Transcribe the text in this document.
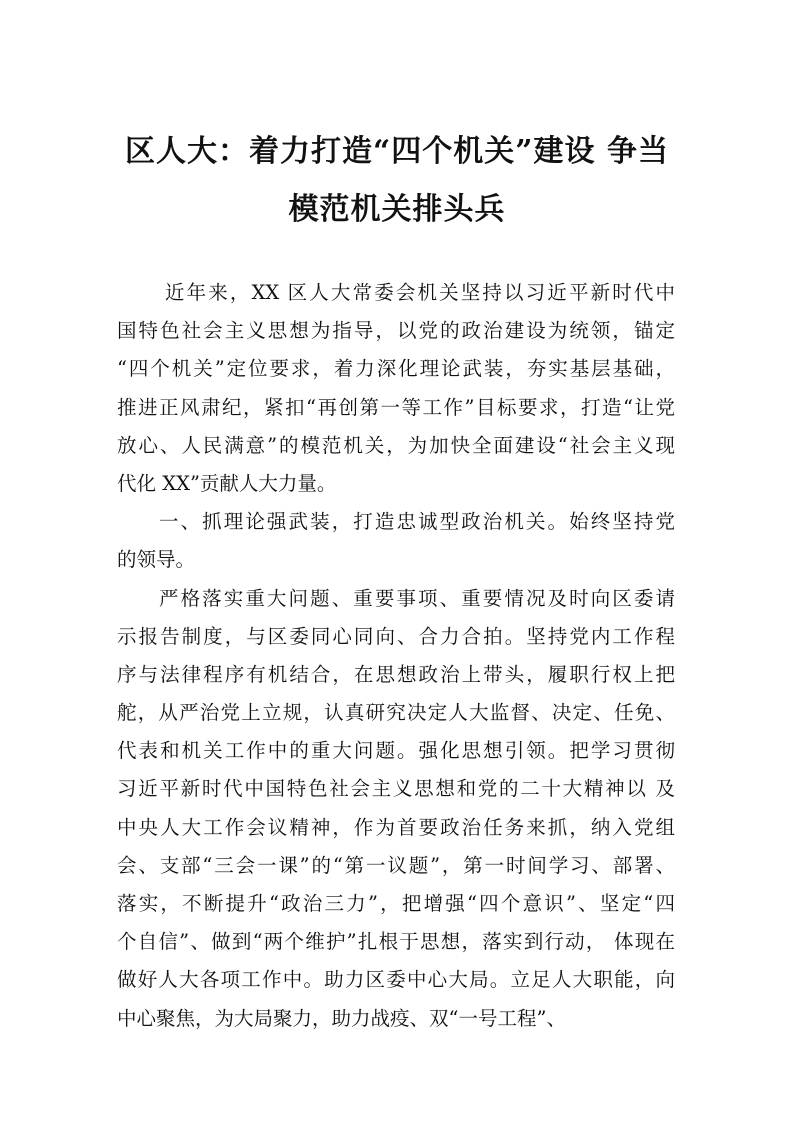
区人大：着力打造“四个机关”建设 争当
模范机关排头兵
近年来，XX 区人大常委会机关坚持以习近平新时代中
国特色社会主义思想为指导，以党的政治建设为统领，锚定
“四个机关”定位要求，着力深化理论武装，夯实基层基础，
推进正风肃纪，紧扣“再创第一等工作”目标要求，打造“让党
放心、人民满意”的模范机关，为加快全面建设“社会主义现
代化 XX”贡献人大力量。
一、抓理论强武装，打造忠诚型政治机关。始终坚持党
的领导。
严格落实重大问题、重要事项、重要情况及时向区委请
示报告制度，与区委同心同向、合力合拍。坚持党内工作程
序与法律程序有机结合，在思想政治上带头，履职行权上把
舵，从严治党上立规，认真研究决定人大监督、决定、任免、
代表和机关工作中的重大问题。强化思想引领。把学习贯彻
习近平新时代中国特色社会主义思想和党的二十大精神以 及
中央人大工作会议精神，作为首要政治任务来抓，纳入党组
会、支部“三会一课”的“第一议题”，第一时间学习、部署、
落实，不断提升“政治三力”，把增强“四个意识”、坚定“四
个自信”、做到“两个维护”扎根于思想，落实到行动， 体现在
做好人大各项工作中。助力区委中心大局。立足人大职能，向
中心聚焦，为大局聚力，助力战疫、双“一号工程”、
